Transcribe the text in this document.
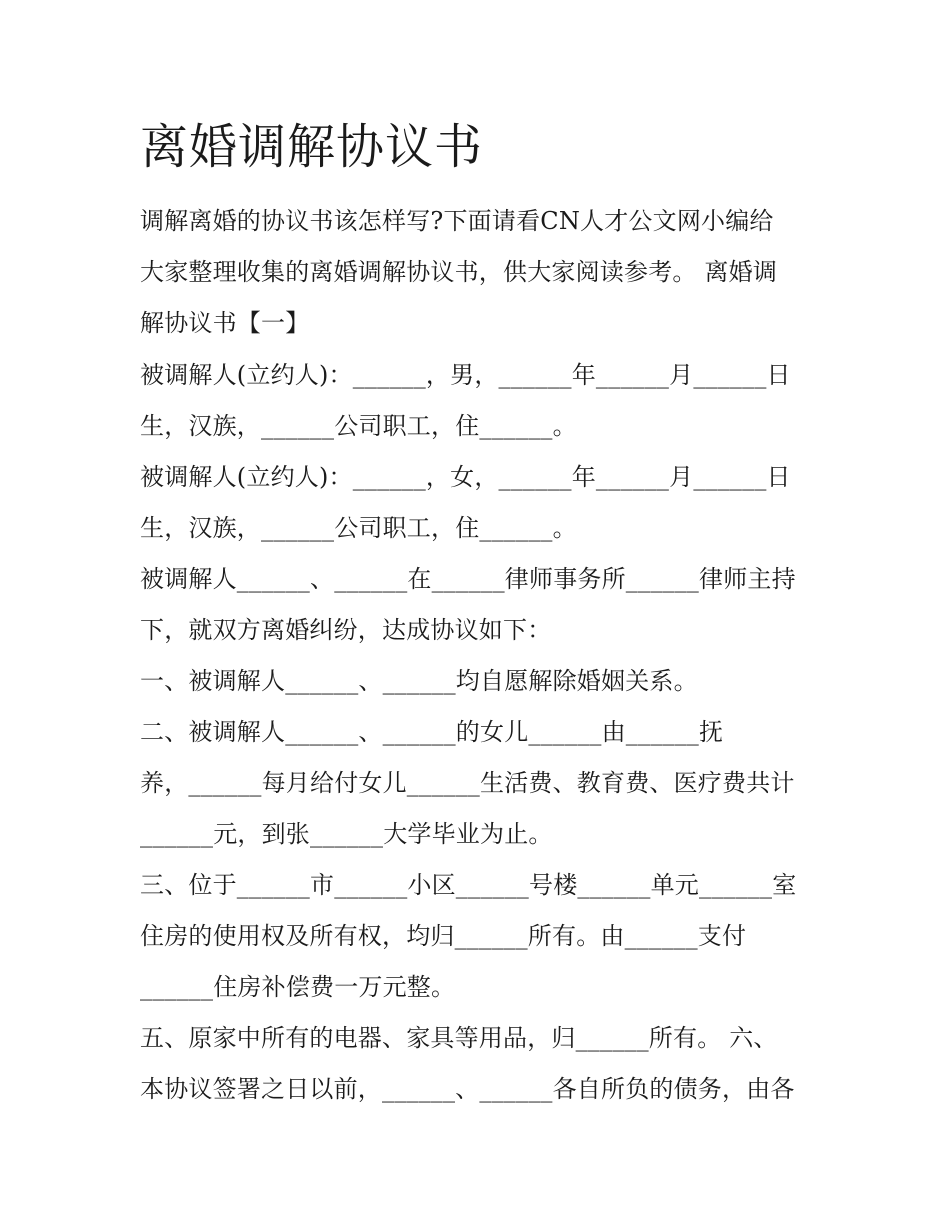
离婚调解协议书
调解离婚的协议书该怎样写?下面请看CN人才公文网小编给
大家整理收集的离婚调解协议书，供大家阅读参考。 离婚调
解协议书【一】
被调解人(立约人)：______，男，______年______月______日
生，汉族，______公司职工，住______。
被调解人(立约人)：______，女，______年______月______日
生，汉族，______公司职工，住______。
被调解人______、______在______律师事务所______律师主持
下，就双方离婚纠纷，达成协议如下：
一、被调解人______、______均自愿解除婚姻关系。
二、被调解人______、______的女儿______由______抚
养，______每月给付女儿______生活费、教育费、医疗费共计
______元，到张______大学毕业为止。
三、位于______市______小区______号楼______单元______室
住房的使用权及所有权，均归______所有。由______支付
______住房补偿费一万元整。
五、原家中所有的电器、家具等用品，归______所有。 六、
本协议签署之日以前，______、______各自所负的债务，由各
